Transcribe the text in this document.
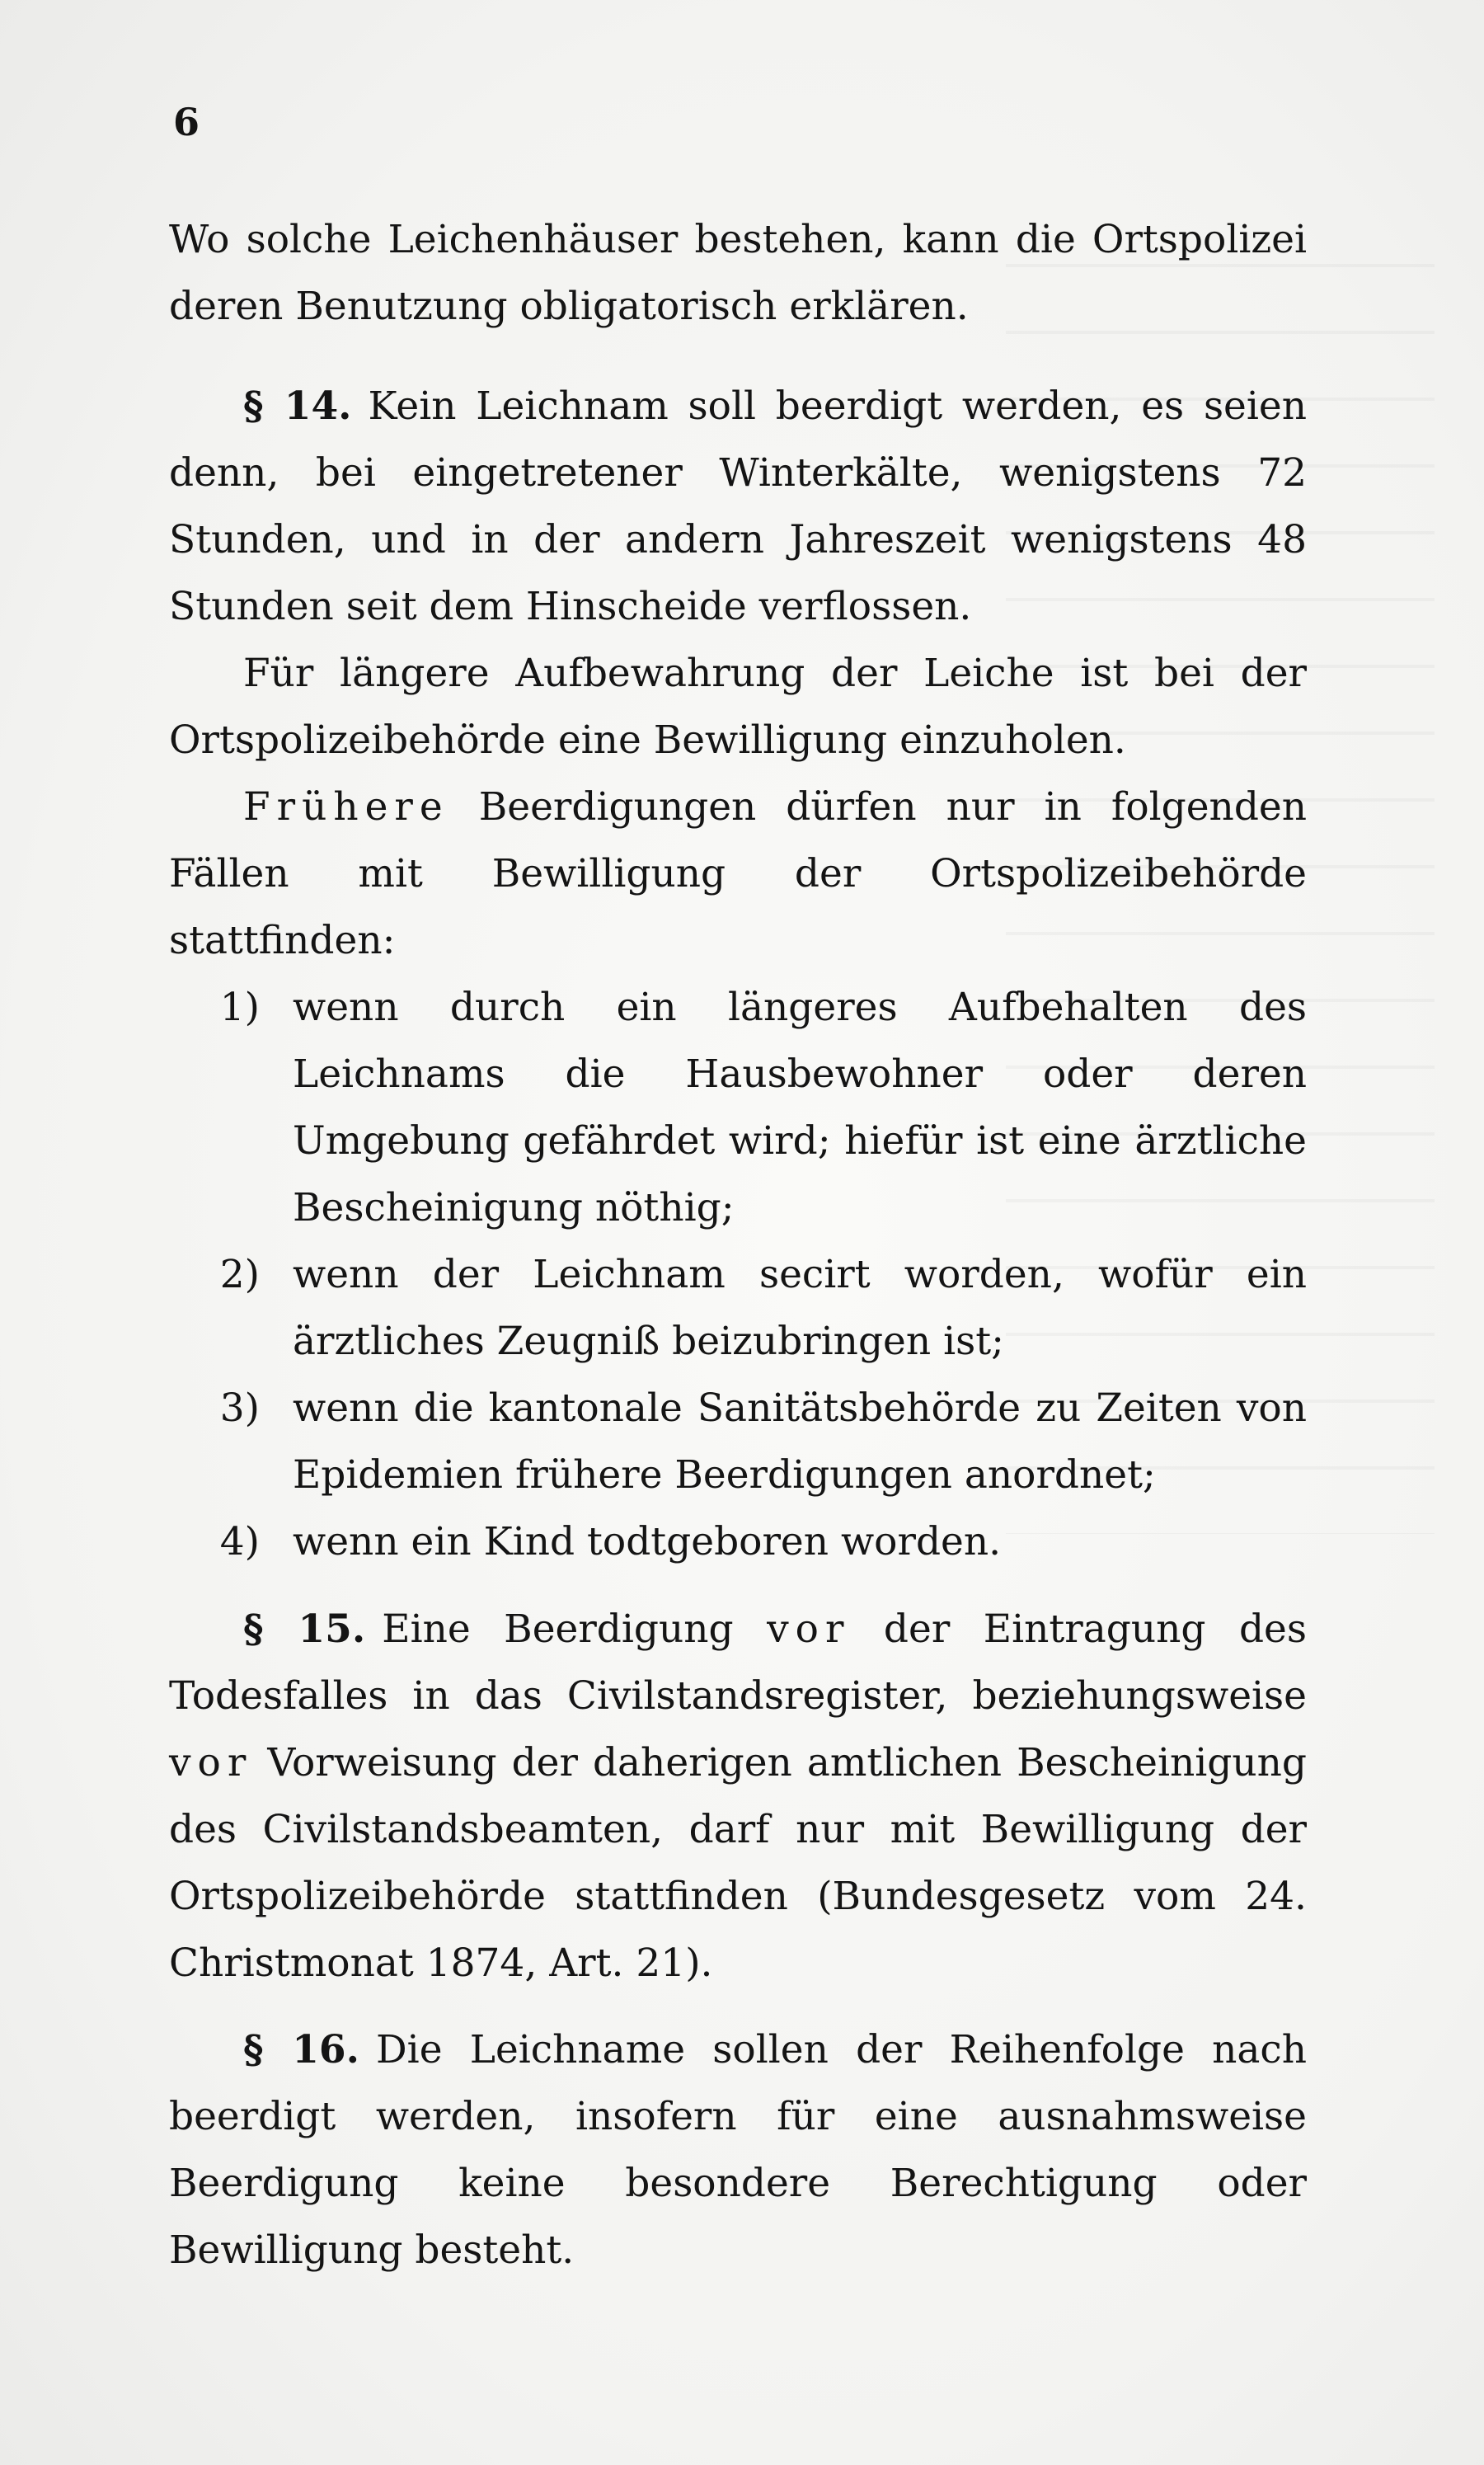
6

Wo solche Leichenhäuser bestehen, kann die Ortspolizei deren Benutzung obligatorisch erklären.

§ 14. Kein Leichnam soll beerdigt werden, es seien denn, bei eingetretener Winterkälte, wenigstens 72 Stunden, und in der andern Jahreszeit wenigstens 48 Stunden seit dem Hinscheide verflossen.

Für längere Aufbewahrung der Leiche ist bei der Ortspolizeibehörde eine Bewilligung einzuholen.

Frühere Beerdigungen dürfen nur in folgenden Fällen mit Bewilligung der Ortspolizeibehörde stattfinden:

1) wenn durch ein längeres Aufbehalten des Leichnams die Hausbewohner oder deren Umgebung gefährdet wird; hiefür ist eine ärztliche Bescheinigung nöthig;
2) wenn der Leichnam secirt worden, wofür ein ärztliches Zeugniß beizubringen ist;
3) wenn die kantonale Sanitätsbehörde zu Zeiten von Epidemien frühere Beerdigungen anordnet;
4) wenn ein Kind todtgeboren worden.

§ 15. Eine Beerdigung vor der Eintragung des Todesfalles in das Civilstandsregister, beziehungsweise vor Vorweisung der daherigen amtlichen Bescheinigung des Civilstandsbeamten, darf nur mit Bewilligung der Ortspolizeibehörde stattfinden (Bundesgesetz vom 24. Christmonat 1874, Art. 21).

§ 16. Die Leichname sollen der Reihenfolge nach beerdigt werden, insofern für eine ausnahmsweise Beerdigung keine besondere Berechtigung oder Bewilligung besteht.
